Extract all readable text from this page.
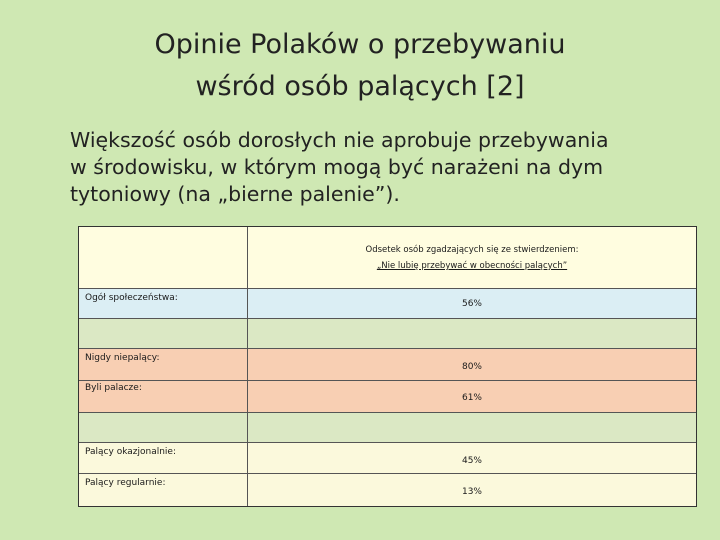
Opinie Polaków o przebywaniu
wśród osób palących [2]
Większość osób dorosłych nie aprobuje przebywania
w środowisku, w którym mogą być narażeni na dym
tytoniowy (na „bierne palenie”).
Odsetek osób zgadzających się ze stwierdzeniem:
„Nie lubię przebywać w obecności palących”
Ogół społeczeństwa:
56%
Nigdy niepalący:
80%
Byli palacze:
61%
Palący okazjonalnie:
45%
Palący regularnie:
13%
